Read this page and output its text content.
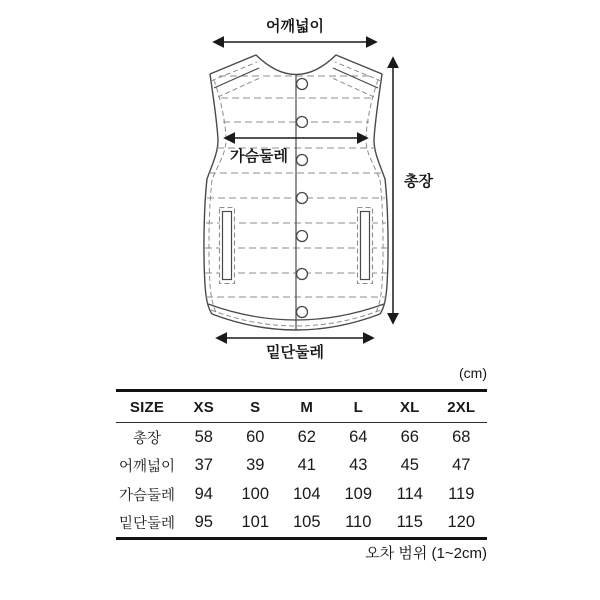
어깨넓이
가슴둘레
총장
밑단둘레
(cm)
SIZE	XS	S	M	L	XL	2XL
총장	58	60	62	64	66	68
어깨넓이	37	39	41	43	45	47
가슴둘레	94	100	104	109	114	119
밑단둘레	95	101	105	110	115	120
오차 범위 (1~2cm)
